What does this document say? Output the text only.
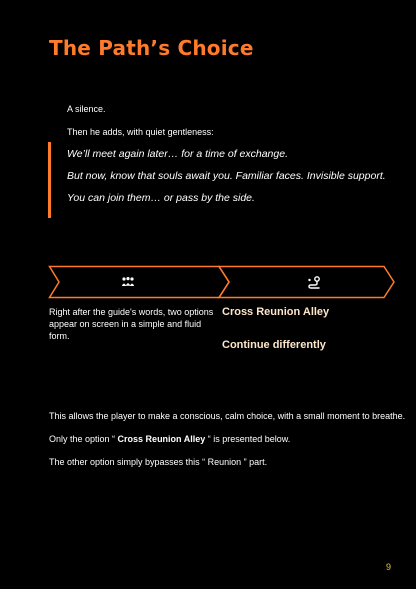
The Path’s Choice
A silence.
Then he adds, with quiet gentleness:
We’ll meet again later… for a time of exchange.
But now, know that souls await you. Familiar faces. Invisible support.
You can join them… or pass by the side.
Right after the guide's words, two options appear on screen in a simple and fluid form.
Cross Reunion Alley
Continue differently
This allows the player to make a conscious, calm choice, with a small moment to breathe.
Only the option “ Cross Reunion Alley “ is presented below.
The other option simply bypasses this “ Reunion ” part.
9
